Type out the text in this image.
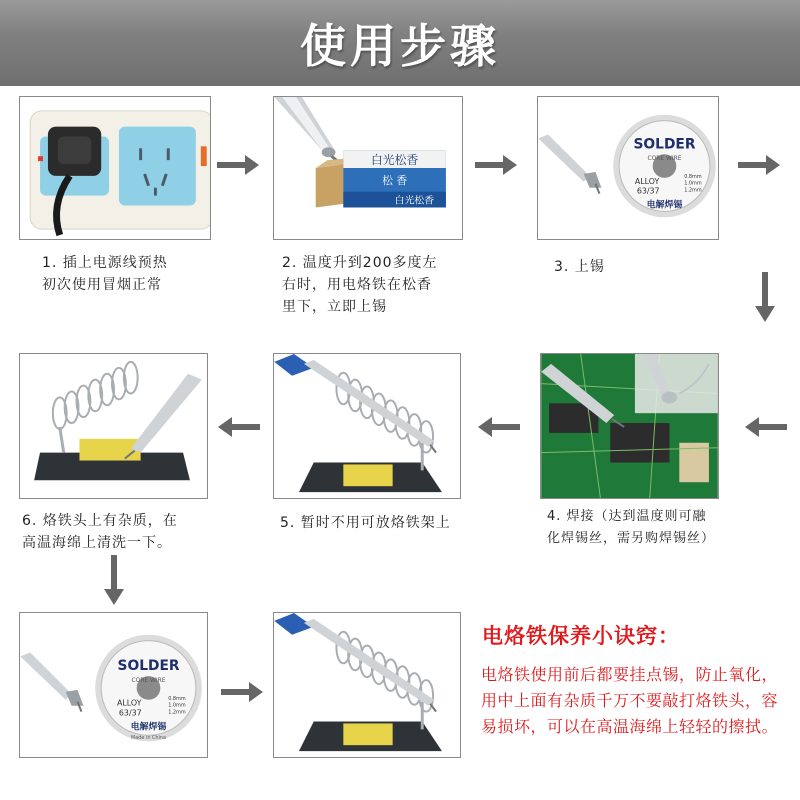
使用步骤
1. 插上电源线预热
初次使用冒烟正常
白光松香
松 香
白光松香
2. 温度升到200多度左
右时，用电烙铁在松香
里下，立即上锡
SOLDER
CORE WIRE
ALLOY
63/37
电解焊锡
0.8mm
1.0mm
1.2mm
3. 上锡
4. 焊接（达到温度则可融
化焊锡丝，需另购焊锡丝）
5. 暂时不用可放烙铁架上
6. 烙铁头上有杂质，在
高温海绵上清洗一下。
SOLDER
CORE WIRE
ALLOY
63/37
电解焊锡
Made in China
0.8mm
1.0mm
1.2mm
电烙铁保养小诀窍：
电烙铁使用前后都要挂点锡，防止氧化，用中上面有杂质千万不要敲打烙铁头，容易损坏，可以在高温海绵上轻轻的擦拭。
